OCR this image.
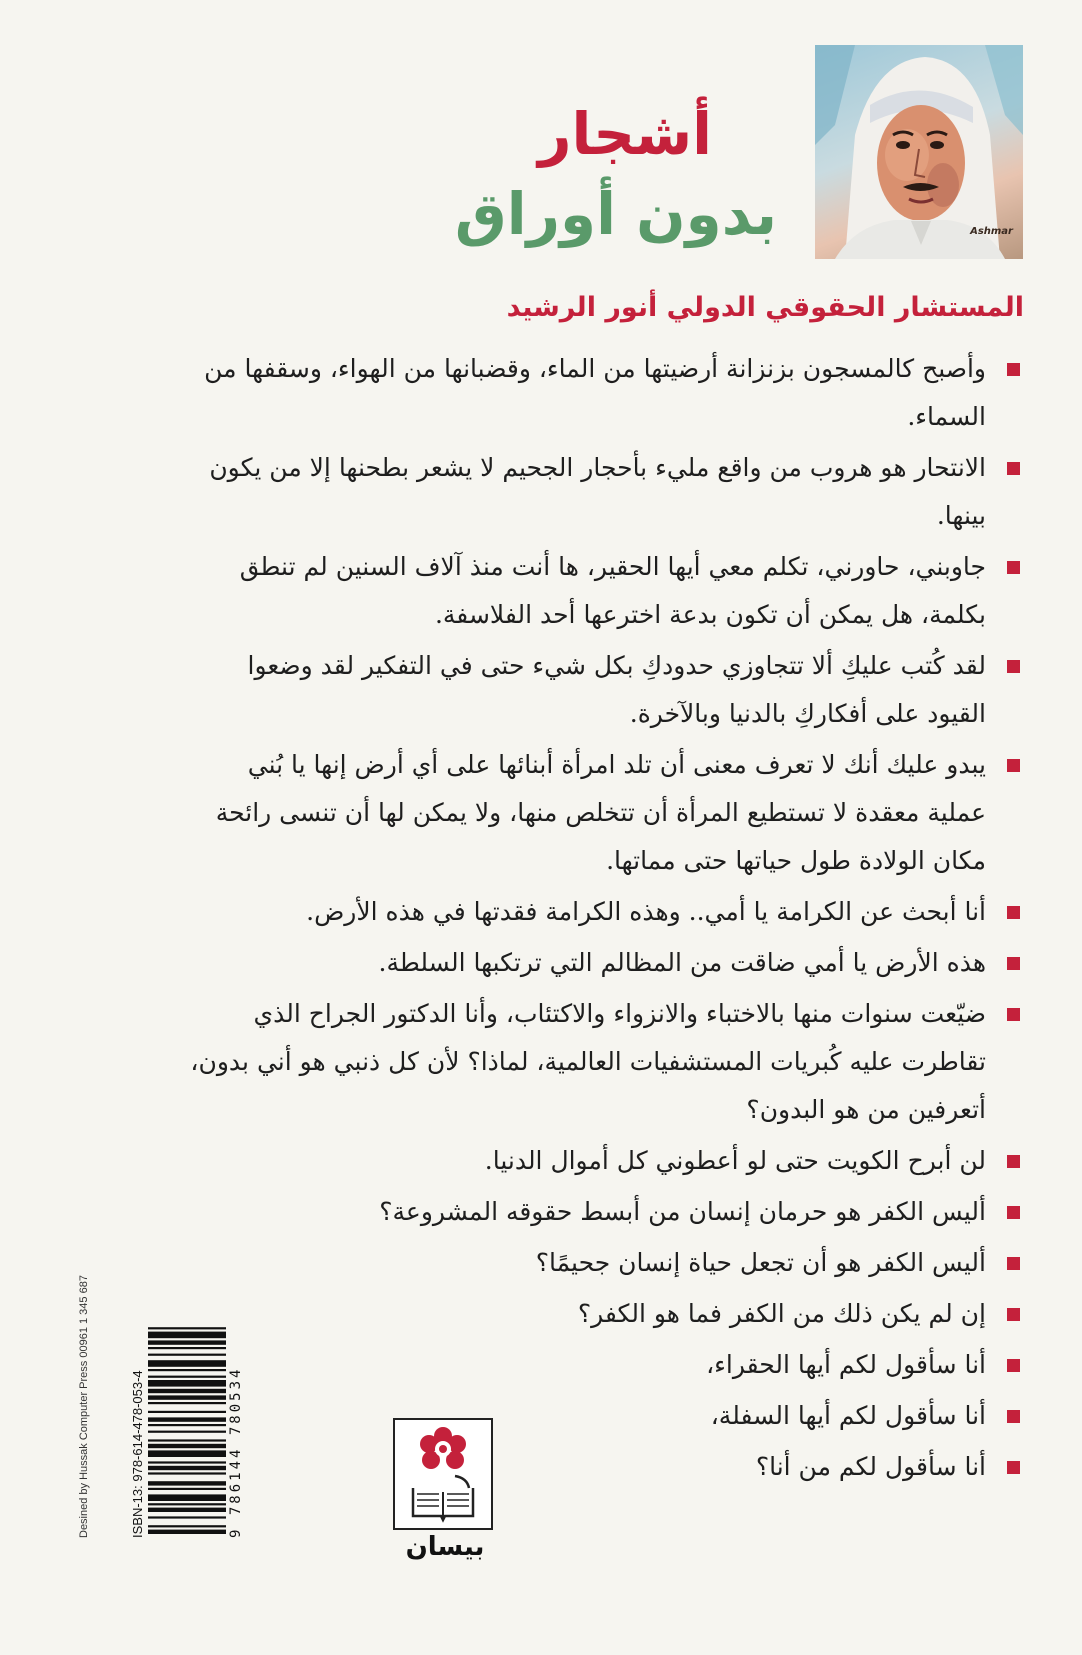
Ashmar
أشجار
بدون أوراق
المستشار الحقوقي الدولي أنور الرشيد
وأصبح كالمسجون بزنزانة أرضيتها من الماء، وقضبانها من الهواء، وسقفها من السماء.
الانتحار هو هروب من واقع مليء بأحجار الجحيم لا يشعر بطحنها إلا من يكون بينها.
جاوبني، حاورني، تكلم معي أيها الحقير، ها أنت منذ آلاف السنين لم تنطق بكلمة، هل يمكن أن تكون بدعة اخترعها أحد الفلاسفة.
لقد كُتب عليكِ ألا تتجاوزي حدودكِ بكل شيء حتى في التفكير لقد وضعوا القيود على أفكاركِ بالدنيا وبالآخرة.
يبدو عليك أنك لا تعرف معنى أن تلد امرأة أبنائها على أي أرض إنها يا بُني عملية معقدة لا تستطيع المرأة أن تتخلص منها، ولا يمكن لها أن تنسى رائحة مكان الولادة طول حياتها حتى مماتها.
أنا أبحث عن الكرامة يا أمي.. وهذه الكرامة فقدتها في هذه الأرض.
هذه الأرض يا أمي ضاقت من المظالم التي ترتكبها السلطة.
ضيّعت سنوات منها بالاختباء والانزواء والاكتئاب، وأنا الدكتور الجراح الذي تقاطرت عليه كُبريات المستشفيات العالمية، لماذا؟ لأن كل ذنبي هو أني بدون، أتعرفين من هو البدون؟
لن أبرح الكويت حتى لو أعطوني كل أموال الدنيا.
أليس الكفر هو حرمان إنسان من أبسط حقوقه المشروعة؟
أليس الكفر هو أن تجعل حياة إنسان جحيمًا؟
إن لم يكن ذلك من الكفر فما هو الكفر؟
أنا سأقول لكم أيها الحقراء،
أنا سأقول لكم أيها السفلة،
أنا سأقول لكم من أنا؟
Desined by Hussak Computer Press 00961 1 345 687	ISBN-13: 978-614-478-053-4	9 786144 780534

بيسان
